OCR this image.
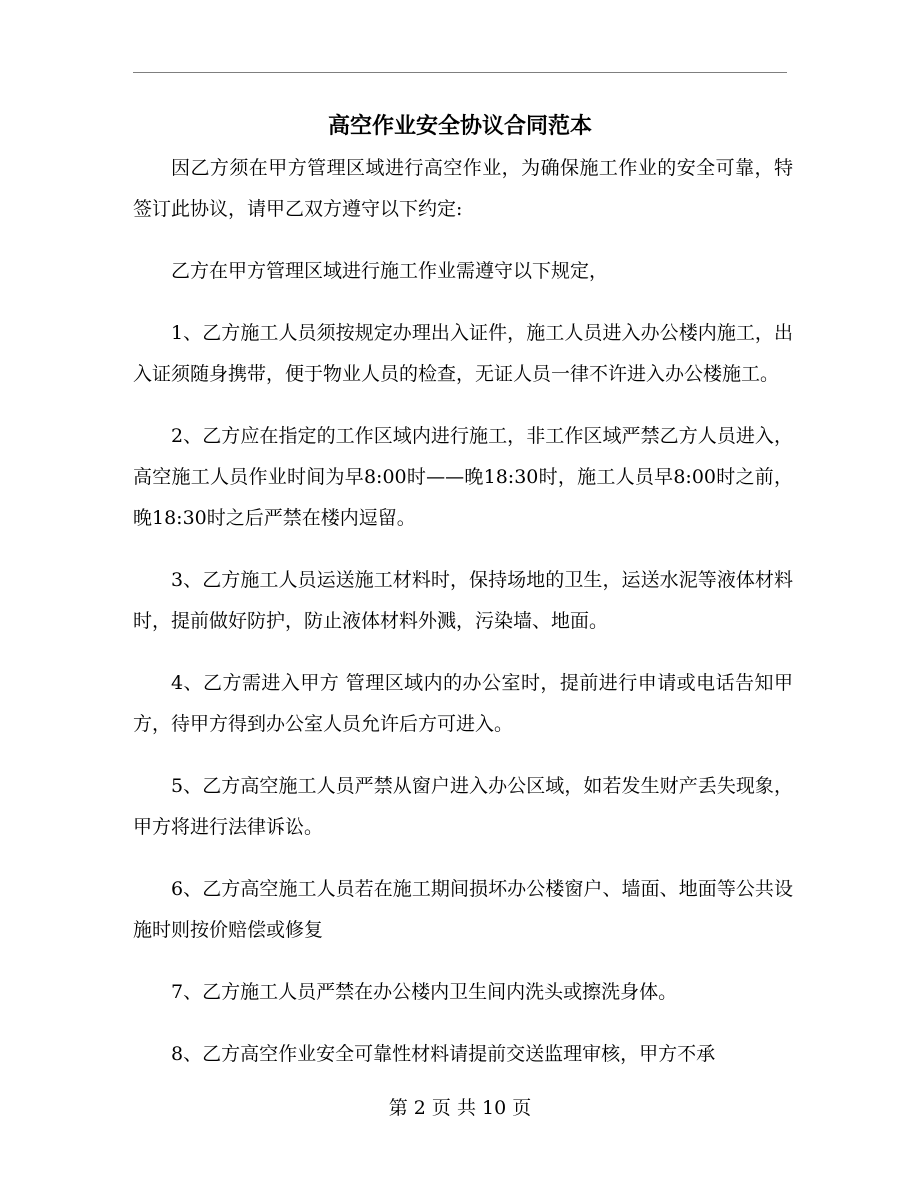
高空作业安全协议合同范本

因乙方须在甲方管理区域进行高空作业，为确保施工作业的安全可靠，特签订此协议，请甲乙双方遵守以下约定:

乙方在甲方管理区域进行施工作业需遵守以下规定，

1、乙方施工人员须按规定办理出入证件，施工人员进入办公楼内施工，出入证须随身携带，便于物业人员的检查，无证人员一律不许进入办公楼施工。

2、乙方应在指定的工作区域内进行施工，非工作区域严禁乙方人员进入，高空施工人员作业时间为早8:00时——晚18:30时，施工人员早8:00时之前，晚18:30时之后严禁在楼内逗留。

3、乙方施工人员运送施工材料时，保持场地的卫生，运送水泥等液体材料时，提前做好防护，防止液体材料外溅，污染墙、地面。

4、乙方需进入甲方 管理区域内的办公室时，提前进行申请或电话告知甲方，待甲方得到办公室人员允许后方可进入。

5、乙方高空施工人员严禁从窗户进入办公区域，如若发生财产丢失现象，甲方将进行法律诉讼。

6、乙方高空施工人员若在施工期间损坏办公楼窗户、墙面、地面等公共设施时则按价赔偿或修复

7、乙方施工人员严禁在办公楼内卫生间内洗头或擦洗身体。

8、乙方高空作业安全可靠性材料请提前交送监理审核，甲方不承

第 2 页 共 10 页
